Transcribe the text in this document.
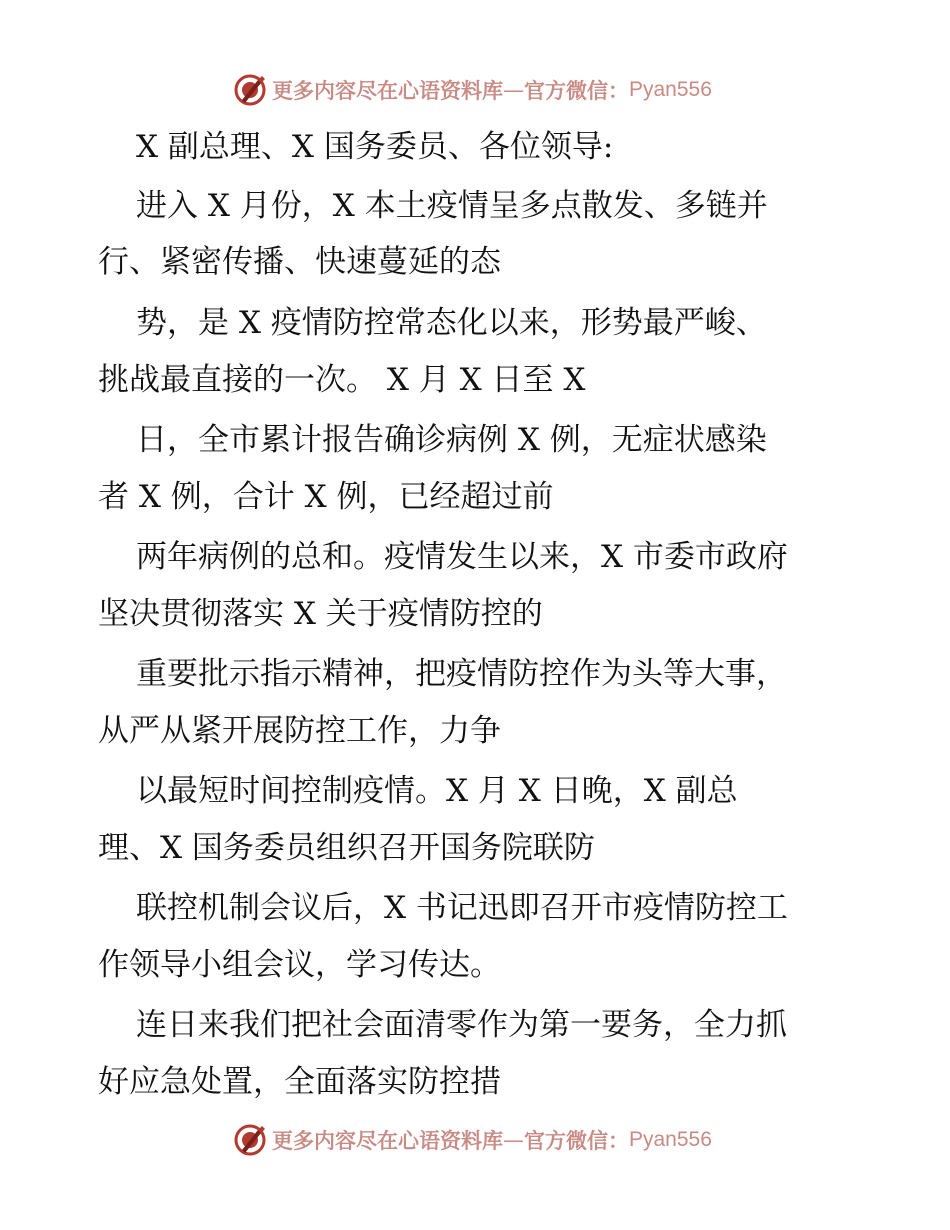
更多内容尽在心语资料库 — 官方微信： Pyan556
X 副总理、X 国务委员、各位领导:
进入 X 月份，X 本土疫情呈多点散发、多链并
行、紧密传播、快速蔓延的态
势，是 X 疫情防控常态化以来，形势最严峻、
挑战最直接的一次。 X 月 X 日至 X
日，全市累计报告确诊病例 X 例，无症状感染
者 X 例，合计 X 例，已经超过前
两年病例的总和。疫情发生以来，X 市委市政府
坚决贯彻落实 X 关于疫情防控的
重要批示指示精神，把疫情防控作为头等大事，
从严从紧开展防控工作，力争
以最短时间控制疫情。X 月 X 日晚，X 副总
理、X 国务委员组织召开国务院联防
联控机制会议后，X 书记迅即召开市疫情防控工
作领导小组会议，学习传达。
连日来我们把社会面清零作为第一要务，全力抓
好应急处置，全面落实防控措
更多内容尽在心语资料库 — 官方微信： Pyan556
